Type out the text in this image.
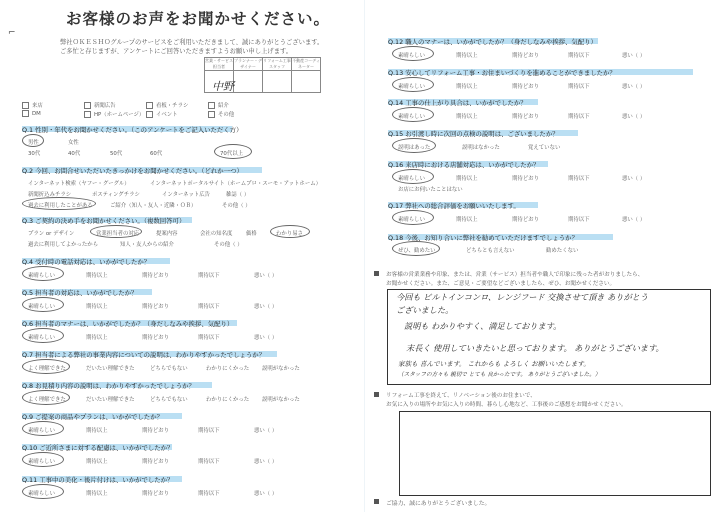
⌐
お客様のお声をお聞かせください。
弊社ＯＫＥＳＨＯグループのサービスをご利用いただきまして、誠にありがとうございます。
ご多忙と存じますが、アンケートにご回答いただきますようお願い申し上げます。
営業・サービス担当者	プランナー・デザイナー	リフォーム工事スタッフ	不動産コーディネーター

中野
来店	新聞広告	看板・チラシ	紹介
DM	HP（ホームページ）	イベント	その他
Q.1 性別・年代をお聞かせください。（このアンケートをご記入いただく方）
男性	女性
30代	40代	50代	60代	70代以上
Q.2 今回、お問合せいただいたきっかけをお聞かせください。（どれか一つ）
インターネット検索（ヤフー・グーグル）	インターネットポータルサイト（ホームプロ・スーモ・アットホーム）
新聞折込みチラシ	ポスティングチラシ	インターネット広告	雑誌（ ）
過去に利用したことがある	ご紹介（知人・友人・近隣・ＯＢ）	その他（ ）
Q.3 ご契約の決め手をお聞かせください。（複数回答可）
プラン or デザイン	営業担当者の対応	提案内容	会社の知名度	価格	わかり易さ
過去に利用してよかったから	知人・友人からの紹介	その他（ ）
Q.4 受付時の電話対応は、いかがでしたか？
素晴らしい	期待以上	期待どおり	期待以下	悪い（ ）
Q.5 担当者の対応は、いかがでしたか？
素晴らしい	期待以上	期待どおり	期待以下	悪い（ ）
Q.6 担当者のマナーは、いかがでしたか？（身だしなみや挨拶、気配り）
素晴らしい	期待以上	期待どおり	期待以下	悪い（ ）
Q.7 担当者による弊社の事業内容についての説明は、わかりやすかったでしょうか？
よく理解できた	だいたい理解できた	どちらでもない	わかりにくかった 説明がなかった
Q.8 お見積り内容の説明は、わかりやすかったでしょうか？
よく理解できた	だいたい理解できた	どちらでもない	わかりにくかった 説明がなかった
Q.9 ご提案の商品やプランは、いかがでしたか？
素晴らしい	期待以上	期待どおり	期待以下	悪い（ ）
Q.10 ご近所さまに対する配慮は、いかがでしたか？
素晴らしい	期待以上	期待どおり	期待以下	悪い（ ）
Q.11 工事中の美化・後片付けは、いかがでしたか？
素晴らしい	期待以上	期待どおり	期待以下	悪い（ ）
Q.12 職人のマナーは、いかがでしたか？（身だしなみや挨拶、気配り）
素晴らしい	期待以上	期待どおり	期待以下	悪い（ ）
Q.13 安心してリフォーム工事・お住まいづくりを進めることができましたか？
素晴らしい	期待以上	期待どおり	期待以下	悪い（ ）
Q.14 工事の仕上がり具合は、いかがでしたか？
素晴らしい	期待以上	期待どおり	期待以下	悪い（ ）
Q.15 お引渡し時に次回の点検の説明は、ございましたか？
説明はあった	説明はなかった	覚えていない
Q.16 来店時における店舗対応は、いかがでしたか？
素晴らしい	期待以上	期待どおり	期待以下	悪い（ ）
お店にお伺いたことはない
Q.17 弊社への総合評価をお願いいたします。
素晴らしい	期待以上	期待どおり	期待以下	悪い（ ）
Q.18 今後、お知り合いに弊社を勧めていただけますでしょうか？
ぜひ、勧めたい	どちらとも言えない	勧めたくない
お客様の営業業務や印象、または、営業（サービス）担当者や職人で印象に残った者がおりましたら、
お聞かせください。また、ご意見・ご要望などございましたら、ぜひ、お聞かせください。
今回も ビルトインコンロ、レンジフード 交換させて頂き ありがとう
ございました。
説明も わかりやすく、満足しております。
末長く 使用していきたいと思っております。 ありがとうございます。
家族も 喜んでいます。 これからも よろしく お願いいたします。
（スタッフの方々も 親切で とても 良かったです。 ありがとうございました。）
リフォーム工事を終えて、リノベーション後のお住まいで、
お気に入りの場所やお気に入りの時間、暮らし心地など、工事後のご感想をお聞かせください。
ご協力、誠にありがとうございました。
